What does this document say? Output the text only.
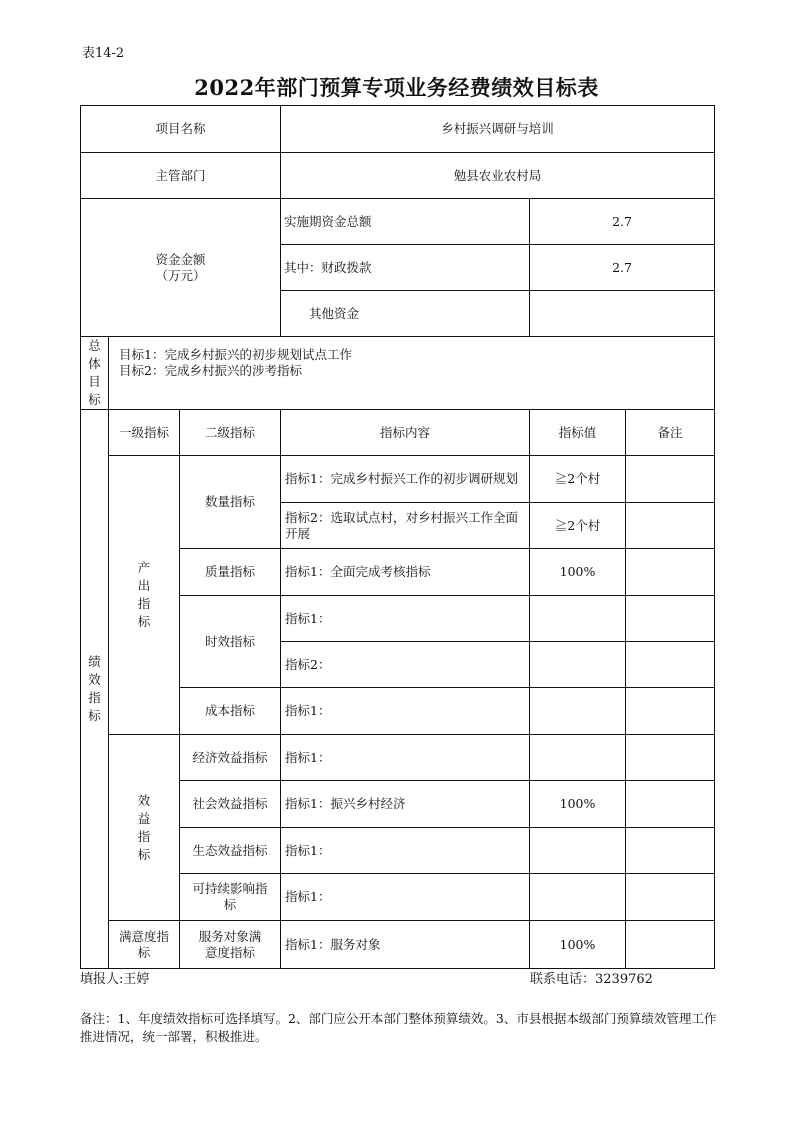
表14-2
2022年部门预算专项业务经费绩效目标表
项目名称			乡村振兴调研与培训		
主管部门			勉县农业农村局		

资金金额
（万元）			实施期资金总额	2.7	
			其中：财政拨款	2.7	
			其他资金		
总体目标	目标1：完成乡村振兴的初步规划试点工作
目标2：完成乡村振兴的涉考指标				

绩效指标	一级指标	二级指标	指标内容	指标值	备注
	产出指标	数量指标	指标1：完成乡村振兴工作的初步调研规划	≧2个村	
			指标2：选取试点村，对乡村振兴工作全面开展	≧2个村	
		质量指标	指标1：全面完成考核指标	100%	
		时效指标	指标1：		
			指标2：		
		成本指标	指标1：		
	效益指标	经济效益指标	指标1：		
		社会效益指标	指标1：振兴乡村经济	100%	
		生态效益指标	指标1：		
		可持续影响指标	指标1：		
	满意度指标	服务对象满意度指标	指标1：服务对象	100%	
填报人:王婷	联系电话：3239762
备注：1、年度绩效指标可选择填写。2、部门应公开本部门整体预算绩效。3、市县根据本级部门预算绩效管理工作推进情况，统一部署，积极推进。
